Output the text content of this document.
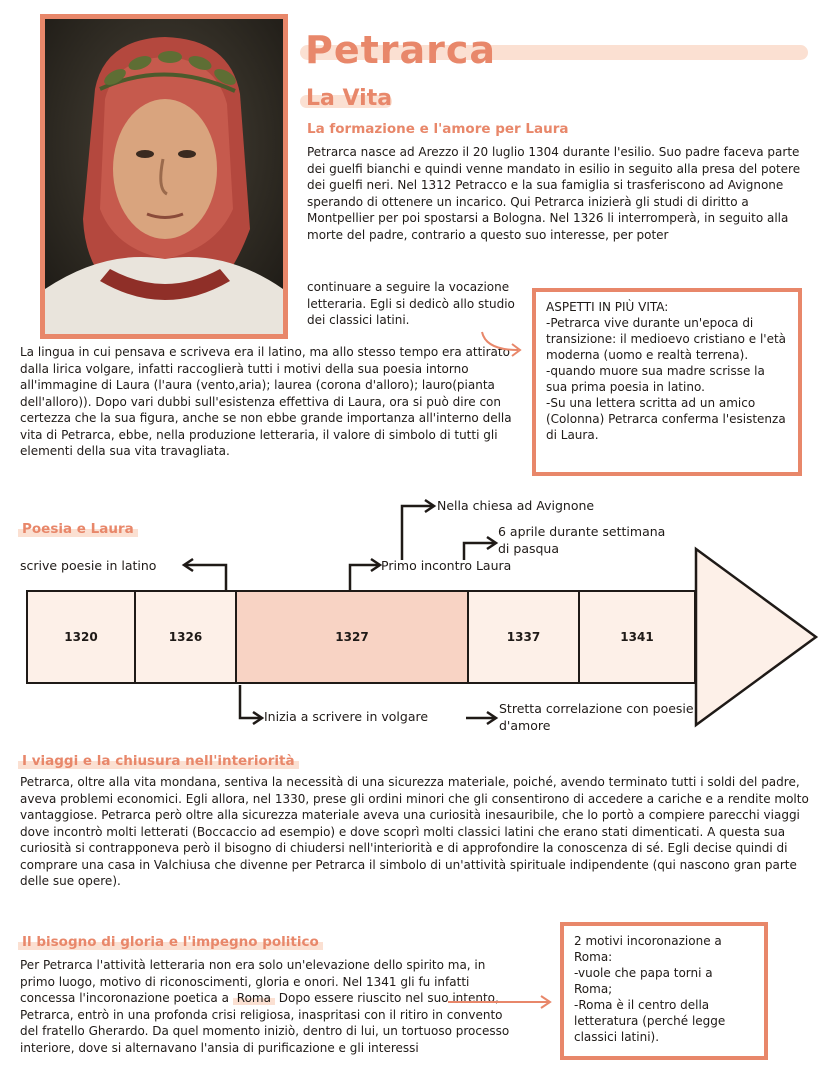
Petrarca
La Vita
La formazione e l'amore per Laura
Petrarca nasce ad Arezzo il 20 luglio 1304 durante l'esilio. Suo padre faceva parte dei guelfi bianchi e quindi venne mandato in esilio in seguito alla presa del potere dei guelfi neri. Nel 1312 Petracco e la sua famiglia si trasferiscono ad Avignone sperando di ottenere un incarico. Qui Petrarca inizierà gli studi di diritto a Montpellier per poi spostarsi a Bologna. Nel 1326 li interromperà, in seguito alla morte del padre, contrario a questo suo interesse, per poter
continuare a seguire la vocazione letteraria. Egli si dedicò allo studio dei classici latini.
La lingua in cui pensava e scriveva era il latino, ma allo stesso tempo era attirato dalla lirica volgare, infatti raccoglierà tutti i motivi della sua poesia intorno all'immagine di Laura (l'aura (vento,aria); laurea (corona d'alloro); lauro(pianta dell'alloro)). Dopo vari dubbi sull'esistenza effettiva di Laura, ora si può dire con certezza che la sua figura, anche se non ebbe grande importanza all'interno della vita di Petrarca, ebbe, nella produzione letteraria, il valore di simbolo di tutti gli elementi della sua vita travagliata.
ASPETTI IN PIÙ VITA:
-Petrarca vive durante un'epoca di transizione: il medioevo cristiano e l'età moderna (uomo e realtà terrena).
-quando muore sua madre scrisse la sua prima poesia in latino.
-Su una lettera scritta ad un amico (Colonna) Petrarca conferma l'esistenza di Laura.
Poesia e Laura
scrive poesie in latino
Nella chiesa ad Avignone
6 aprile durante settimana di pasqua
Primo incontro Laura
Inizia a scrivere in volgare
Stretta correlazione con poesie d'amore
1320	1326	1327	1337	1341
I viaggi e la chiusura nell'interiorità
Petrarca, oltre alla vita mondana, sentiva la necessità di una sicurezza materiale, poiché, avendo terminato tutti i soldi del padre, aveva problemi economici. Egli allora, nel 1330, prese gli ordini minori che gli consentirono di accedere a cariche e a rendite molto vantaggiose. Petrarca però oltre alla sicurezza materiale aveva una curiosità inesauribile, che lo portò a compiere parecchi viaggi dove incontrò molti letterati (Boccaccio ad esempio) e dove scoprì molti classici latini che erano stati dimenticati. A questa sua curiosità si contrapponeva però il bisogno di chiudersi nell'interiorità e di approfondire la conoscenza di sé. Egli decise quindi di comprare una casa in Valchiusa che divenne per Petrarca il simbolo di un'attività spirituale indipendente (qui nascono gran parte delle sue opere).
Il bisogno di gloria e l'impegno politico
Per Petrarca l'attività letteraria non era solo un'elevazione dello spirito ma, in primo luogo, motivo di riconoscimenti, gloria e onori. Nel 1341 gli fu infatti concessa l'incoronazione poetica a Roma Dopo essere riuscito nel suo intento, Petrarca, entrò in una profonda crisi religiosa, inaspritasi con il ritiro in convento del fratello Gherardo. Da quel momento iniziò, dentro di lui, un tortuoso processo interiore, dove si alternavano l'ansia di purificazione e gli interessi
2 motivi incoronazione a Roma:
-vuole che papa torni a Roma;
-Roma è il centro della letteratura (perché legge classici latini).
